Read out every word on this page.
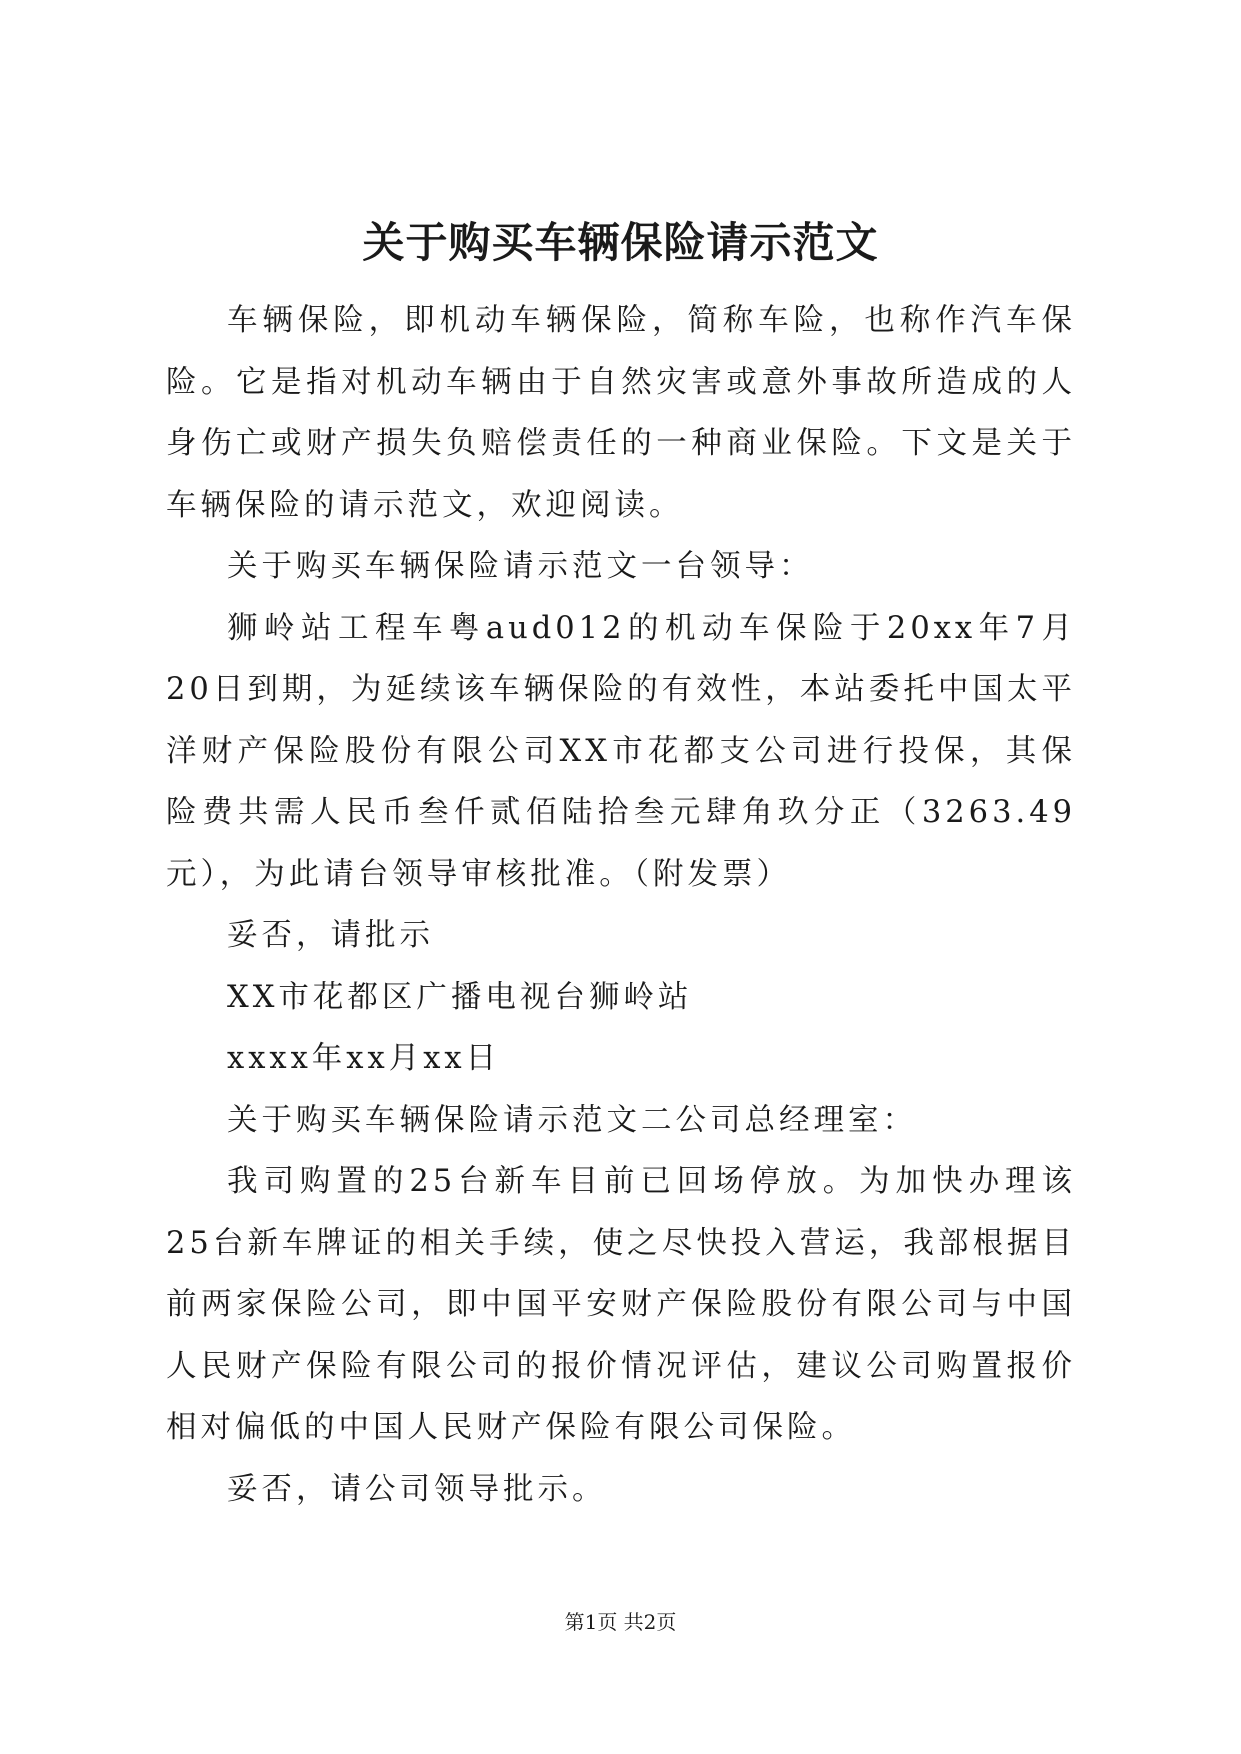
关于购买车辆保险请示范文

车辆保险，即机动车辆保险，简称车险，也称作汽车保险。它是指对机动车辆由于自然灾害或意外事故所造成的人身伤亡或财产损失负赔偿责任的一种商业保险。下文是关于车辆保险的请示范文，欢迎阅读。

关于购买车辆保险请示范文一台领导：

狮岭站工程车粤aud012的机动车保险于20xx年7月20日到期，为延续该车辆保险的有效性，本站委托中国太平洋财产保险股份有限公司XX市花都支公司进行投保，其保险费共需人民币叁仟贰佰陆拾叁元肆角玖分正（3263.49元），为此请台领导审核批准。（附发票）

妥否，请批示

XX市花都区广播电视台狮岭站

xxxx年xx月xx日

关于购买车辆保险请示范文二公司总经理室：

我司购置的25台新车目前已回场停放。为加快办理该25台新车牌证的相关手续，使之尽快投入营运，我部根据目前两家保险公司，即中国平安财产保险股份有限公司与中国人民财产保险有限公司的报价情况评估，建议公司购置报价相对偏低的中国人民财产保险有限公司保险。

妥否，请公司领导批示。

第1页 共2页
